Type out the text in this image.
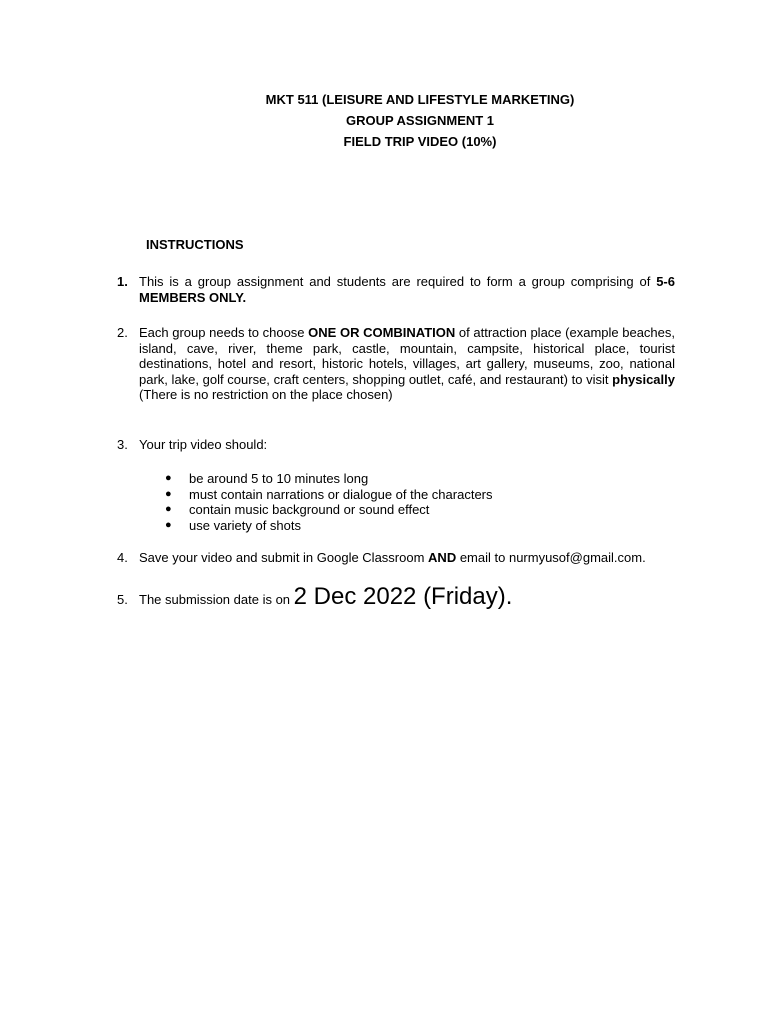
MKT 511 (LEISURE AND LIFESTYLE MARKETING)
GROUP ASSIGNMENT 1
FIELD TRIP VIDEO (10%)
INSTRUCTIONS
1. This is a group assignment and students are required to form a group comprising of 5-6 MEMBERS ONLY.
2. Each group needs to choose ONE OR COMBINATION of attraction place (example beaches, island, cave, river, theme park, castle, mountain, campsite, historical place, tourist destinations, hotel and resort, historic hotels, villages, art gallery, museums, zoo, national park, lake, golf course, craft centers, shopping outlet, café, and restaurant) to visit physically (There is no restriction on the place chosen)
3. Your trip video should:
● be around 5 to 10 minutes long
● must contain narrations or dialogue of the characters
● contain music background or sound effect
● use variety of shots
4. Save your video and submit in Google Classroom AND email to nurmyusof@gmail.com.
5. The submission date is on 2 Dec 2022 (Friday).
